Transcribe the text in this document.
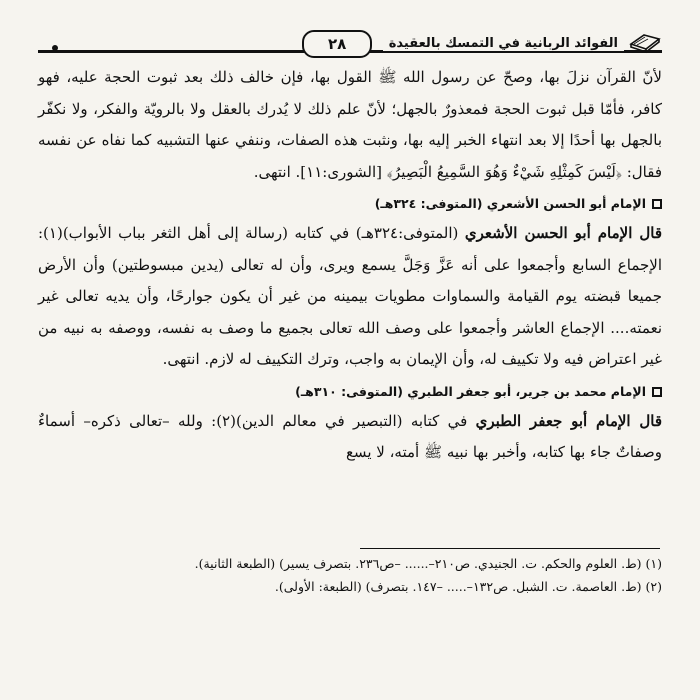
٢٨	الفوائد الربانية في التمسك بالعقيدة

لأنّ القرآن نزلَ بها، وصحّ عن رسول الله ﷺ القول بها، فإن خالف ذلك بعد ثبوت الحجة عليه، فهو كافر، فأمّا قبل ثبوت الحجة فمعذورٌ بالجهل؛ لأنّ علم ذلك لا يُدرك بالعقل ولا بالرويّة والفكر، ولا نكفّر بالجهل بها أحدًا إلا بعد انتهاء الخبر إليه بها، ونثبت هذه الصفات، وننفي عنها التشبيه كما نفاه عن نفسه فقال: ﴿لَيْسَ كَمِثْلِهِ شَيْءٌ وَهُوَ السَّمِيعُ الْبَصِيرُ﴾ [الشورى:١١]. انتهى.

الإمام أبو الحسن الأشعري (المتوفى: ٣٢٤هـ)

قال الإمام أبو الحسن الأشعري (المتوفى:٣٢٤هـ) في كتابه (رسالة إلى أهل الثغر بباب الأبواب)(١): الإجماع السابع وأجمعوا على أنه عَزَّ وَجَلَّ يسمع ويرى، وأن له تعالى (يدين مبسوطتين) وأن الأرض جميعا قبضته يوم القيامة والسماوات مطويات بيمينه من غير أن يكون جوارحًا، وأن يديه تعالى غير نعمته.... الإجماع العاشر وأجمعوا على وصف الله تعالى بجميع ما وصف به نفسه، ووصفه به نبيه من غير اعتراض فيه ولا تكييف له، وأن الإيمان به واجب، وترك التكييف له لازم. انتهى.

الإمام محمد بن جرير، أبو جعفر الطبري (المتوفى: ٣١٠هـ)

قال الإمام أبو جعفر الطبري في كتابه (التبصير في معالم الدين)(٢): ولله –تعالى ذكره– أسماءٌ وصفاتٌ جاء بها كتابه، وأخبر بها نبيه ﷺ أمته، لا يسع

(١) (ط. العلوم والحكم. ت. الجنيدي. ص٢١٠–...... –ص٢٣٦. بتصرف يسير) (الطبعة الثانية).

(٢) (ط. العاصمة. ت. الشبل. ص١٣٢–..... –١٤٧. بتصرف) (الطبعة: الأولى).
